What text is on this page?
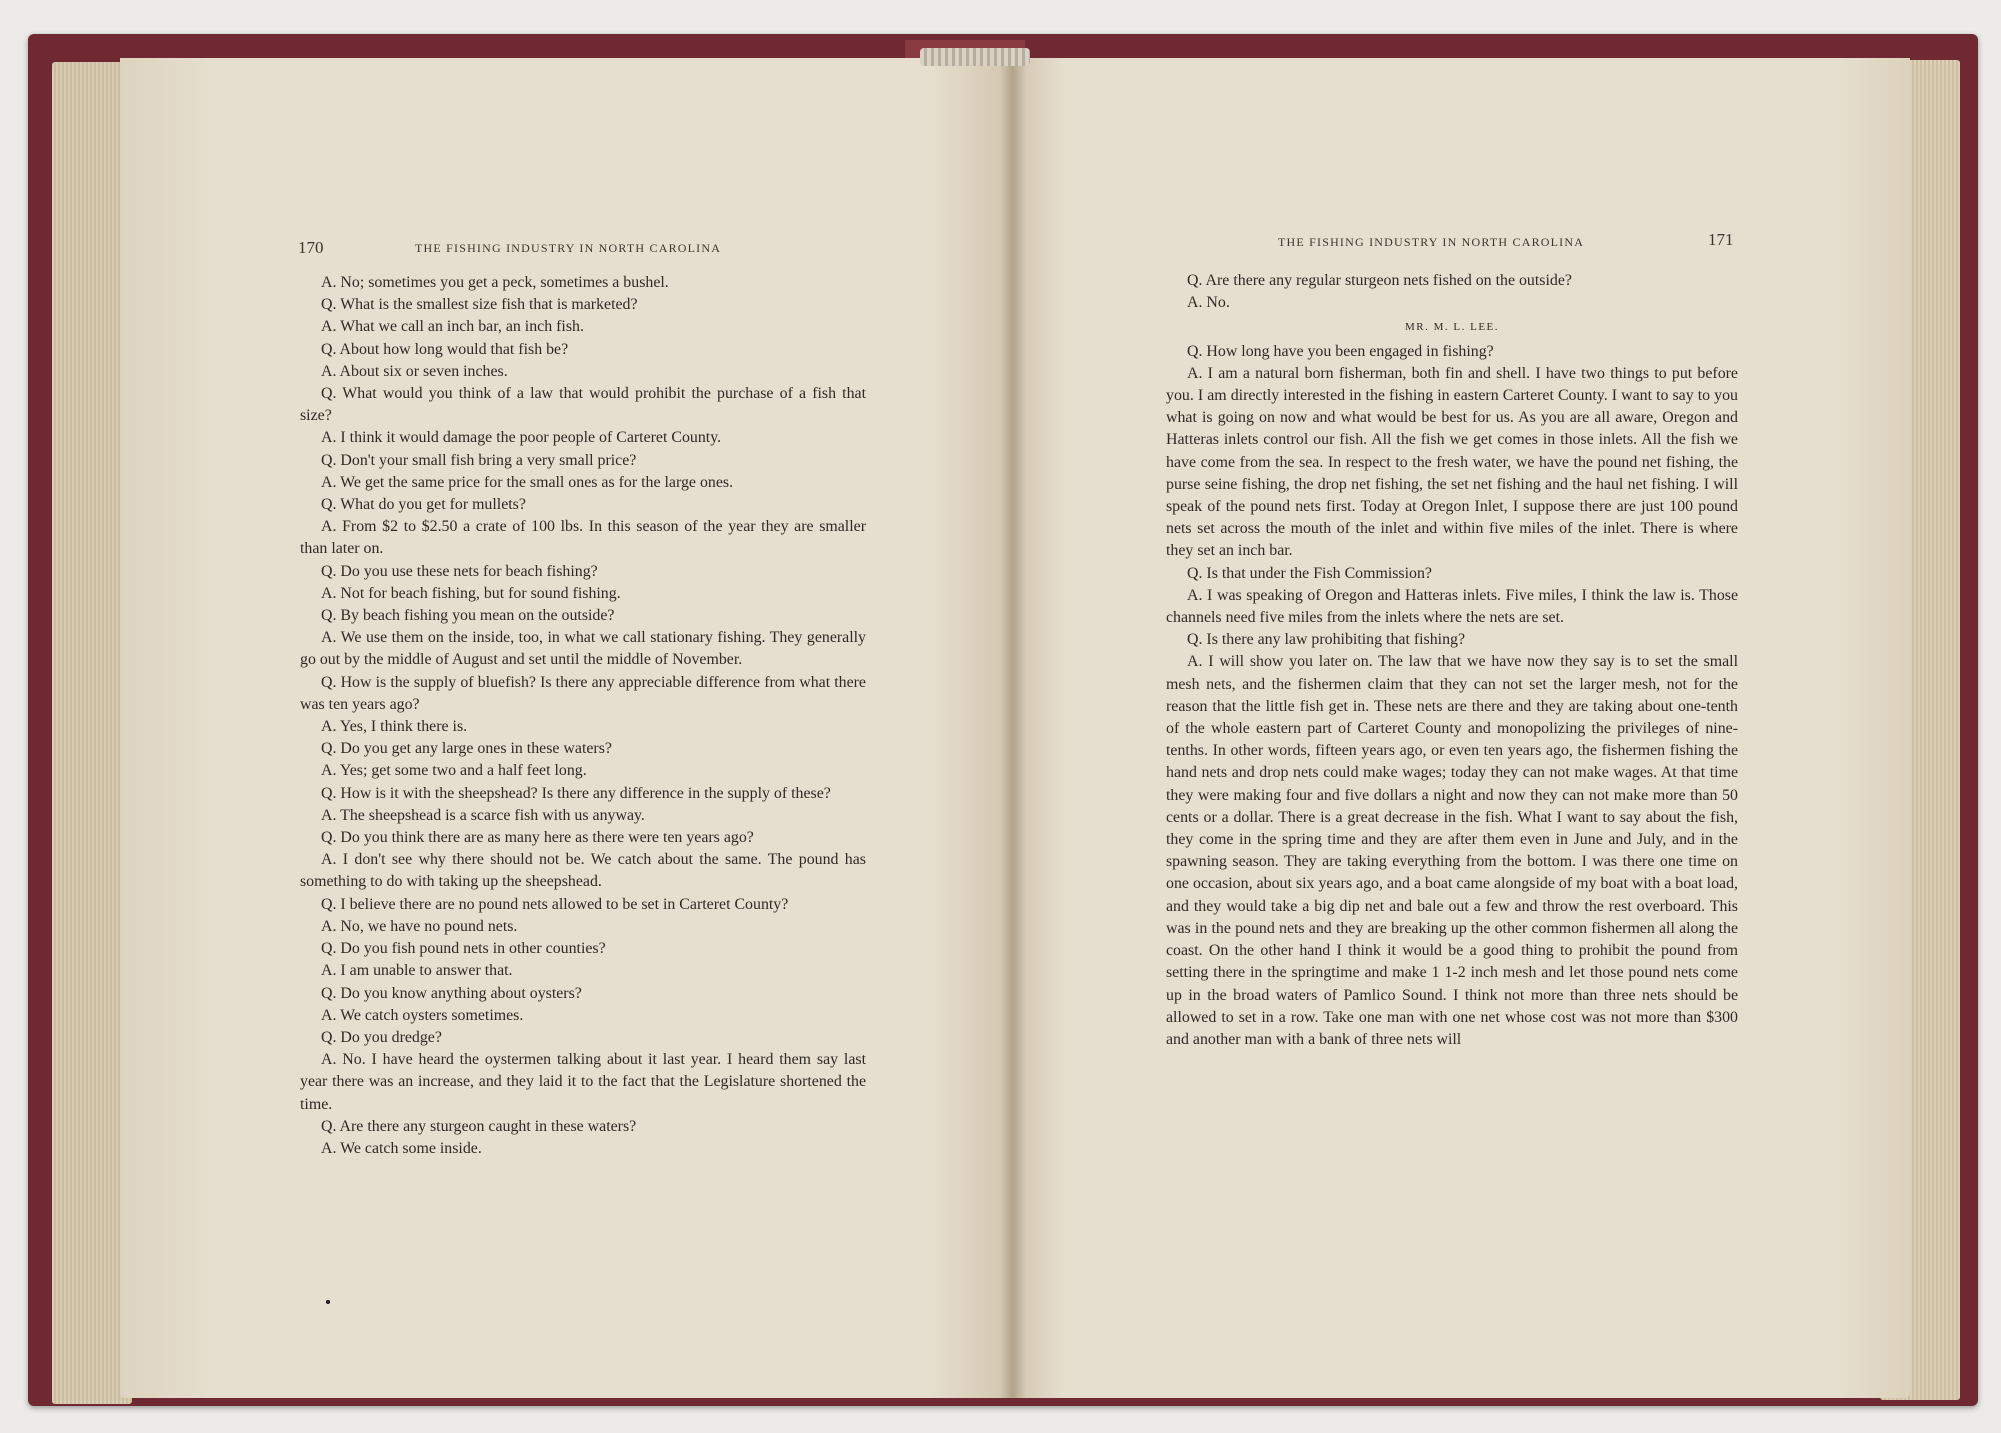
170	THE FISHING INDUSTRY IN NORTH CAROLINA

A. No; sometimes you get a peck, sometimes a bushel.

Q. What is the smallest size fish that is marketed?

A. What we call an inch bar, an inch fish.

Q. About how long would that fish be?

A. About six or seven inches.

Q. What would you think of a law that would prohibit the purchase of a fish that size?

A. I think it would damage the poor people of Carteret County.

Q. Don't your small fish bring a very small price?

A. We get the same price for the small ones as for the large ones.

Q. What do you get for mullets?

A. From $2 to $2.50 a crate of 100 lbs. In this season of the year they are smaller than later on.

Q. Do you use these nets for beach fishing?

A. Not for beach fishing, but for sound fishing.

Q. By beach fishing you mean on the outside?

A. We use them on the inside, too, in what we call stationary fishing. They generally go out by the middle of August and set until the middle of November.

Q. How is the supply of bluefish? Is there any appreciable difference from what there was ten years ago?

A. Yes, I think there is.

Q. Do you get any large ones in these waters?

A. Yes; get some two and a half feet long.

Q. How is it with the sheepshead? Is there any difference in the supply of these?

A. The sheepshead is a scarce fish with us anyway.

Q. Do you think there are as many here as there were ten years ago?

A. I don't see why there should not be. We catch about the same. The pound has something to do with taking up the sheepshead.

Q. I believe there are no pound nets allowed to be set in Carteret County?

A. No, we have no pound nets.

Q. Do you fish pound nets in other counties?

A. I am unable to answer that.

Q. Do you know anything about oysters?

A. We catch oysters sometimes.

Q. Do you dredge?

A. No. I have heard the oystermen talking about it last year. I heard them say last year there was an increase, and they laid it to the fact that the Legislature shortened the time.

Q. Are there any sturgeon caught in these waters?

A. We catch some inside.

THE FISHING INDUSTRY IN NORTH CAROLINA	171

Q. Are there any regular sturgeon nets fished on the outside?

A. No.

MR. M. L. LEE.

Q. How long have you been engaged in fishing?

A. I am a natural born fisherman, both fin and shell. I have two things to put before you. I am directly interested in the fishing in eastern Carteret County. I want to say to you what is going on now and what would be best for us. As you are all aware, Oregon and Hatteras inlets control our fish. All the fish we get comes in those inlets. All the fish we have come from the sea. In respect to the fresh water, we have the pound net fishing, the purse seine fishing, the drop net fishing, the set net fishing and the haul net fishing. I will speak of the pound nets first. Today at Oregon Inlet, I suppose there are just 100 pound nets set across the mouth of the inlet and within five miles of the inlet. There is where they set an inch bar.

Q. Is that under the Fish Commission?

A. I was speaking of Oregon and Hatteras inlets. Five miles, I think the law is. Those channels need five miles from the inlets where the nets are set.

Q. Is there any law prohibiting that fishing?

A. I will show you later on. The law that we have now they say is to set the small mesh nets, and the fishermen claim that they can not set the larger mesh, not for the reason that the little fish get in. These nets are there and they are taking about one-tenth of the whole eastern part of Carteret County and monopolizing the privileges of nine-tenths. In other words, fifteen years ago, or even ten years ago, the fishermen fishing the hand nets and drop nets could make wages; today they can not make wages. At that time they were making four and five dollars a night and now they can not make more than 50 cents or a dollar. There is a great decrease in the fish. What I want to say about the fish, they come in the spring time and they are after them even in June and July, and in the spawning season. They are taking everything from the bottom. I was there one time on one occasion, about six years ago, and a boat came alongside of my boat with a boat load, and they would take a big dip net and bale out a few and throw the rest overboard. This was in the pound nets and they are breaking up the other common fishermen all along the coast. On the other hand I think it would be a good thing to prohibit the pound from setting there in the springtime and make 1 1-2 inch mesh and let those pound nets come up in the broad waters of Pamlico Sound. I think not more than three nets should be allowed to set in a row. Take one man with one net whose cost was not more than $300 and another man with a bank of three nets will
